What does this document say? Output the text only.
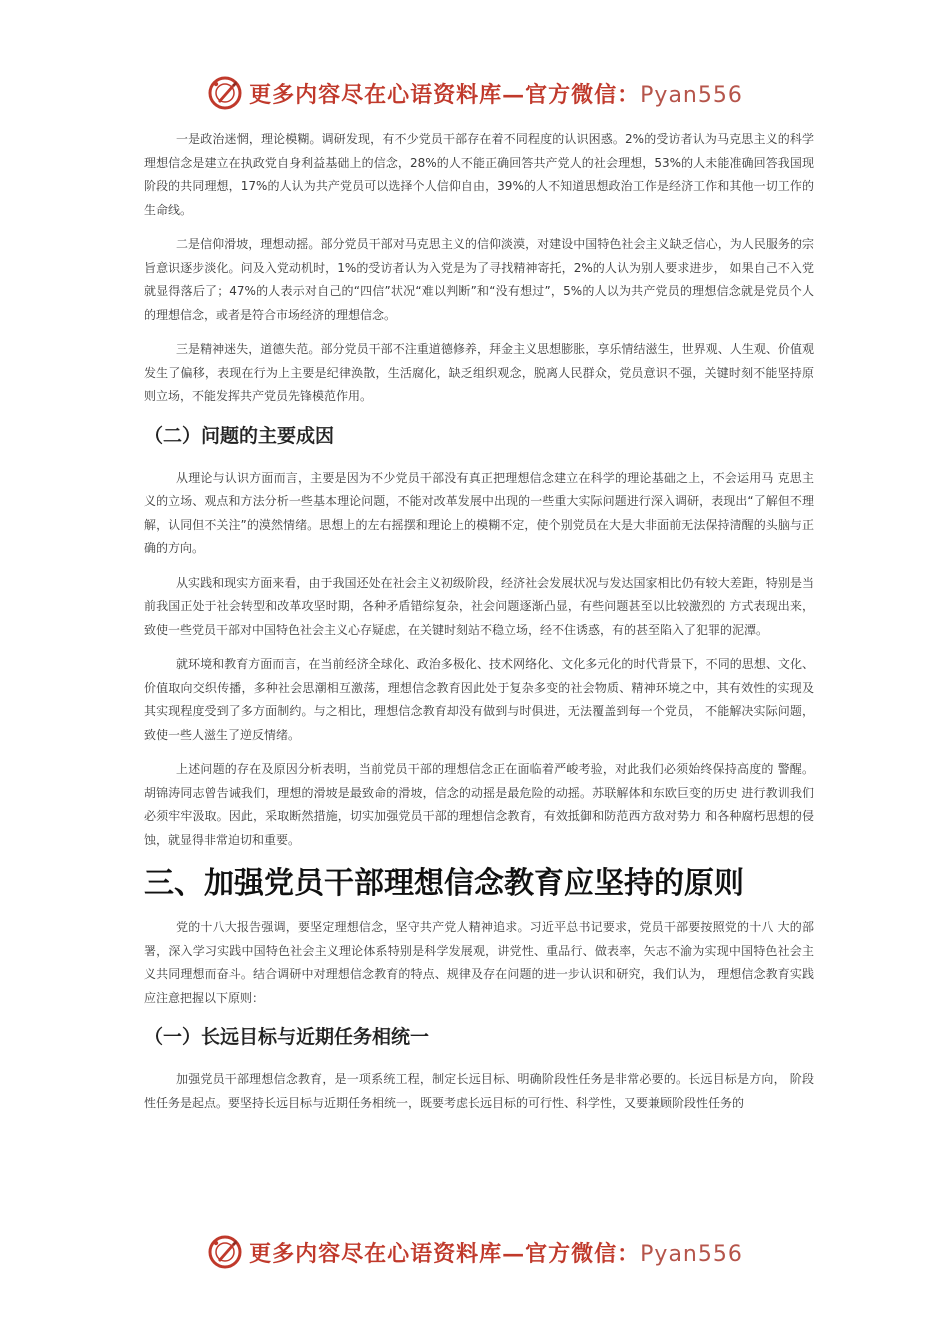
更多内容尽在心语资料库—官方微信：Pyan556

一是政治迷惘，理论模糊。调研发现，有不少党员干部存在着不同程度的认识困惑。2%的受访者认为马克思主义的科学理想信念是建立在执政党自身利益基础上的信念，28%的人不能正确回答共产党人的社会理想，53%的人未能准确回答我国现阶段的共同理想，17%的人认为共产党员可以选择个人信仰自由，39%的人不知道思想政治工作是经济工作和其他一切工作的生命线。

二是信仰滑坡，理想动摇。部分党员干部对马克思主义的信仰淡漠，对建设中国特色社会主义缺乏信心，为人民服务的宗旨意识逐步淡化。问及入党动机时，1%的受访者认为入党是为了寻找精神寄托，2%的人认为别人要求进步， 如果自己不入党就显得落后了；47%的人表示对自己的“四信”状况“难以判断”和“没有想过”，5%的人以为共产党员的理想信念就是党员个人的理想信念，或者是符合市场经济的理想信念。

三是精神迷失，道德失范。部分党员干部不注重道德修养，拜金主义思想膨胀，享乐情结滋生，世界观、人生观、价值观发生了偏移，表现在行为上主要是纪律涣散，生活腐化，缺乏组织观念，脱离人民群众，党员意识不强，关键时刻不能坚持原则立场，不能发挥共产党员先锋模范作用。

（二）问题的主要成因

从理论与认识方面而言，主要是因为不少党员干部没有真正把理想信念建立在科学的理论基础之上，不会运用马 克思主义的立场、观点和方法分析一些基本理论问题，不能对改革发展中出现的一些重大实际问题进行深入调研，表现出“了解但不理解，认同但不关注”的漠然情绪。思想上的左右摇摆和理论上的模糊不定，使个别党员在大是大非面前无法保持清醒的头脑与正确的方向。

从实践和现实方面来看，由于我国还处在社会主义初级阶段，经济社会发展状况与发达国家相比仍有较大差距，特别是当前我国正处于社会转型和改革攻坚时期，各种矛盾错综复杂，社会问题逐渐凸显，有些问题甚至以比较激烈的 方式表现出来，致使一些党员干部对中国特色社会主义心存疑虑，在关键时刻站不稳立场，经不住诱惑，有的甚至陷入了犯罪的泥潭。

就环境和教育方面而言，在当前经济全球化、政治多极化、技术网络化、文化多元化的时代背景下，不同的思想、文化、价值取向交织传播，多种社会思潮相互激荡，理想信念教育因此处于复杂多变的社会物质、精神环境之中，其有效性的实现及其实现程度受到了多方面制约。与之相比，理想信念教育却没有做到与时俱进，无法覆盖到每一个党员， 不能解决实际问题，致使一些人滋生了逆反情绪。

上述问题的存在及原因分析表明，当前党员干部的理想信念正在面临着严峻考验，对此我们必须始终保持高度的 警醒。胡锦涛同志曾告诫我们，理想的滑坡是最致命的滑坡，信念的动摇是最危险的动摇。苏联解体和东欧巨变的历史 进行教训我们必须牢牢汲取。因此，采取断然措施，切实加强党员干部的理想信念教育，有效抵御和防范西方敌对势力 和各种腐朽思想的侵蚀，就显得非常迫切和重要。

三、加强党员干部理想信念教育应坚持的原则

党的十八大报告强调，要坚定理想信念，坚守共产党人精神追求。习近平总书记要求，党员干部要按照党的十八 大的部署，深入学习实践中国特色社会主义理论体系特别是科学发展观，讲党性、重品行、做表率，矢志不渝为实现中国特色社会主义共同理想而奋斗。结合调研中对理想信念教育的特点、规律及存在问题的进一步认识和研究，我们认为， 理想信念教育实践应注意把握以下原则：

（一）长远目标与近期任务相统一

加强党员干部理想信念教育，是一项系统工程，制定长远目标、明确阶段性任务是非常必要的。长远目标是方向， 阶段性任务是起点。要坚持长远目标与近期任务相统一，既要考虑长远目标的可行性、科学性，又要兼顾阶段性任务的

更多内容尽在心语资料库—官方微信：Pyan556
